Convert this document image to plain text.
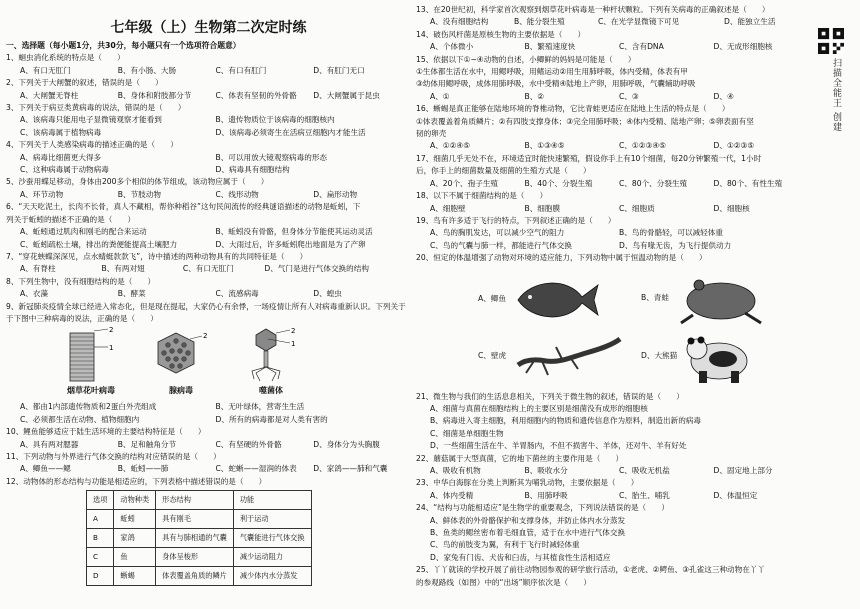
七年级（上）生物第二次定时练
一、选择题（每小题1分，共30分，每小题只有一个选项符合题意）

1、蛔虫消化系统的特点是（　　）

A、有口无肛门	B、有小肠、大肠	C、有口有肛门	D、有肛门无口

2、下列关于大闸蟹的叙述，错误的是（　　）

A、大闸蟹无脊柱	B、身体和附肢都分节	C、体表有坚韧的外骨骼	D、大闸蟹属于昆虫

3、下列关于病豆类黄病毒的说法，错误的是（　　）

A、该病毒只能用电子显微镜观察才能看到	B、遗传物质位于该病毒的细胞核内
C、该病毒属于植物病毒	D、该病毒必须寄生在活病豆细胞内才能生活

4、下列关于人类感染病毒的描述正确的是（　　）

A、病毒比细菌更大得多	B、可以用放大镜观察病毒的形态
C、这种病毒属于动物病毒	D、病毒具有细胞结构

5、沙蚕用蝶足移动，身体由200多个相似的体节组成，该动物应属于（　　）

A、环节动物	B、节肢动物	C、线形动物	D、扁形动物

6、“天天吃泥土，长肉不长骨，真人不藏相，帮你种稻谷”这句民间流传的经典谜语描述的动物是蚯蚓，下

列关于蚯蚓的描述不正确的是（　　）

A、蚯蚓通过肌肉和刚毛的配合来运动	B、蚯蚓没有骨骼，但身体分节能使其运动灵活
C、蚯蚓疏松土壤，排出的粪便能提高土壤肥力	D、大雨过后，许多蚯蚓爬出地面是为了产卵

7、“穿花蛱蝶深深见，点水蜻蜓款款飞”，诗中描述的两种动物具有的共同特征是（　　）

A、有脊柱	B、有两对翅	C、有口无肛门	D、气门是进行气体交换的结构

8、下列生物中，没有细胞结构的是（　　）

A、衣藻	B、酵菜	C、流感病毒	D、蝗虫

9、新冠肺炎疫情全球已经进入常态化，但是现在提起，大家仍心有余悸，一场疫情让所有人对病毒重新认识。下列关于

于下图中三种病毒的说法，正确的是（　　）

2
1
烟草花叶病毒
2
腺病毒
2
1
噬菌体
A、都由1内部遗传物质和2蛋白外壳组成	B、无叶绿体，营寄生生活
C、必须都生活在动物、植物细胞内	D、所有的病毒都是对人类有害的

10、鲤鱼能够适应于陆生活环境的主要结构特征是（　　）

A、具有两对腮器	B、足和触角分节	C、有坚硬的外骨骼	D、身体分为头胸腹

11、下列动物与外界进行气体交换的结构对应错误的是（　　）

A、鲫鱼——鳃	B、蚯蚓——肺	C、蛇蜥——湿润的体表	D、家鸽——肺和气囊

12、动物体的形态结构与功能是相适应的，下列表格中描述错误的是（　　）

选项	动物种类	形态结构	功能
A	蚯蚓	具有刚毛	利于运动
B	家鸽	具有与肺相通的气囊	气囊能进行气体交换
C	鱼	身体呈梭形	减少运动阻力
D	蜥蜴	体表覆盖角质的鳞片	减少体内水分蒸发

13、在20世纪初，科学家首次观察到烟草花叶病毒是一种杆状颗粒。下列有关病毒的正确叙述是（　　）

A、没有细胞结构	B、能分裂生殖	C、在光学显微镜下可见	D、能独立生活

14、破伤风杆菌是原核生物的主要依据是（　　）

A、个体微小	B、繁殖速度快	C、含有DNA	D、无成形细胞核

15、依据以下①~④动物的自述，小鲫鲜的妈妈是可能是（　　）

①生体都生活在水中，用鳃呼吸，用鳍运动②用生用肺呼吸，体内受精，体表有甲

③幼体用鳃呼吸，成体用肺呼吸，水中受精④陆地上产卵，用肺呼吸，气囊辅助呼吸

A、①	B、②	C、③	D、④

16、蜥蜴是真正能够在陆地环境的脊椎动物，它比青蛙更适应在陆地上生活的特点是（　　）

①体表覆盖着角质鳞片；②有四肢支撑身体；③完全用肺呼吸；④体内受精、陆地产卵；⑤卵表面有坚

韧的卵壳

A、①②④⑤	B、①③④⑤	C、①②③④⑤	D、①②③⑤

17、细菌几乎无处不在，环境适宜时能快速繁殖，假设你手上有10个细菌，每20分钟繁殖一代，1小时

后，你手上的细菌数量及细菌的生殖方式是（　　）

A、20个、孢子生殖	B、40个、分裂生殖	C、80个、分裂生殖	D、80个、有性生殖

18、以下不属于细菌结构的是（　　）

A、细胞壁	B、细胞膜	C、细胞质	D、细胞核

19、鸟有许多适于飞行的特点，下列叙述正确的是（　　）

A、鸟的胸肌发达，可以减少空气的阻力	B、鸟的骨骼轻，可以减轻体重
C、鸟的气囊与肺一样，都能进行气体交换	D、鸟有喙无齿，为飞行提供动力

20、恒定的体温增强了动物对环境的适应能力，下列动物中属于恒温动物的是（　　）

A、鲫鱼	B、青蛙
C、壁虎	D、大熊猫

21、微生物与我们的生活息息相关，下列关于微生物的叙述，错误的是（　　）

A、细菌与真菌在细胞结构上的主要区别是细菌没有成形的细胞核

B、病毒进入寄主细胞，利用细胞内的物质和遗传信息作为原料，制造出新的病毒

C、细菌是单细胞生物

D、一些细菌生活在牛、羊胃肠内，不但不损害牛、羊体，还对牛、羊有好处

22、蘑菇属于大型真菌，它的地下菌丝的主要作用是（　　）

A、吸收有机物	B、吸收水分	C、吸收无机盐	D、固定地上部分

23、中华白海豚在分类上判断其为哺乳动物，主要依据是（　　）

A、体内受精	B、用肺呼吸	C、胎生、哺乳	D、体温恒定

24、“结构与功能相适应”是生物学的重要观念，下列说法错误的是（　　）

A、鲜体表的外骨骼保护和支撑身体，并防止体内水分蒸发

B、鱼类的鳃丝密布着毛细血管，适于在水中进行气体交换

C、鸟的前肢变为翼，有利于飞行时减轻体重

D、家兔有门齿、犬齿和臼齿，与其植食性生活相适应

25、丫丫就读的学校开展了前往动物园参观的研学旅行活动，①老虎、②鳄鱼、③孔雀这三种动物在丫丫

的参观路线（如图）中的“出场”顺序依次是（　　）

扫描全能王 创建
